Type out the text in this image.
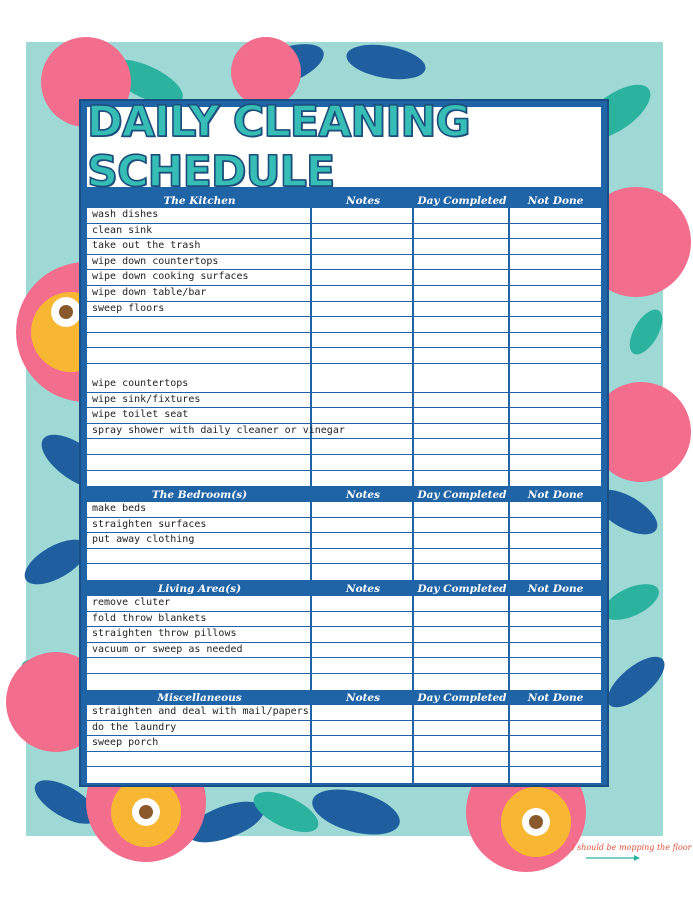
DAILY CLEANING SCHEDULE
The Kitchen	Notes	Day Completed	Not Done
wash dishes
clean sink
take out the trash
wipe down countertops
wipe down cooking surfaces
wipe down table/bar
sweep floors
The Bathroom(s)	Notes	Day Completed	Not Done
wipe countertops
wipe sink/fixtures
wipe toilet seat
spray shower with daily cleaner or vinegar
The Bedroom(s)	Notes	Day Completed	Not Done
make beds
straighten surfaces
put away clothing
Living Area(s)	Notes	Day Completed	Not Done
remove cluter
fold throw blankets
straighten throw pillows
vacuum or sweep as needed
Miscellaneous	Notes	Day Completed	Not Done
straighten and deal with mail/papers
do the laundry
sweep porch
i should be mopping the floor
